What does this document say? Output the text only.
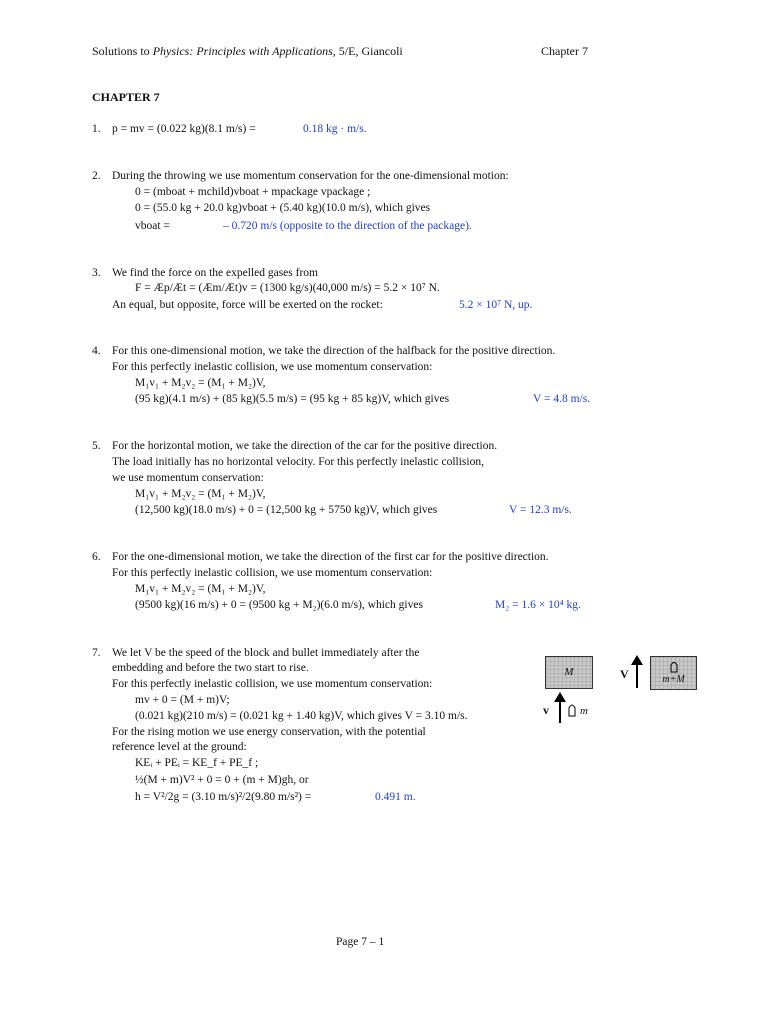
Solutions to Physics: Principles with Applications, 5/E, Giancoli	Chapter 7
CHAPTER 7
1. p = mv = (0.022 kg)(8.1 m/s) =	0.18 kg · m/s.
2. During the throwing we use momentum conservation for the one-dimensional motion:
0 = (mboat + mchild)vboat + mpackage vpackage ;
0 = (55.0 kg + 20.0 kg)vboat + (5.40 kg)(10.0 m/s), which gives
vboat =	– 0.720 m/s (opposite to the direction of the package).
3. We find the force on the expelled gases from
F = Æp/Æt = (Æm/Æt)v = (1300 kg/s)(40,000 m/s) = 5.2 × 10⁷ N.
An equal, but opposite, force will be exerted on the rocket:	5.2 × 10⁷ N, up.
4. For this one-dimensional motion, we take the direction of the halfback for the positive direction.
For this perfectly inelastic collision, we use momentum conservation:
M₁v₁ + M₂v₂ = (M₁ + M₂)V,
(95 kg)(4.1 m/s) + (85 kg)(5.5 m/s) = (95 kg + 85 kg)V, which gives	V = 4.8 m/s.
5. For the horizontal motion, we take the direction of the car for the positive direction.
The load initially has no horizontal velocity. For this perfectly inelastic collision,
we use momentum conservation:
M₁v₁ + M₂v₂ = (M₁ + M₂)V,
(12,500 kg)(18.0 m/s) + 0 = (12,500 kg + 5750 kg)V, which gives	V = 12.3 m/s.
6. For the one-dimensional motion, we take the direction of the first car for the positive direction.
For this perfectly inelastic collision, we use momentum conservation:
M₁v₁ + M₂v₂ = (M₁ + M₂)V,
(9500 kg)(16 m/s) + 0 = (9500 kg + M₂)(6.0 m/s), which gives	M₂ = 1.6 × 10⁴ kg.
7. We let V be the speed of the block and bullet immediately after the
embedding and before the two start to rise.
For this perfectly inelastic collision, we use momentum conservation:
mv + 0 = (M + m)V;
(0.021 kg)(210 m/s) = (0.021 kg + 1.40 kg)V, which gives V = 3.10 m/s.
For the rising motion we use energy conservation, with the potential
reference level at the ground:
KEᵢ + PEᵢ = KE_f + PE_f ;
½(M + m)V² + 0 = 0 + (m + M)gh, or
h = V²/2g = (3.10 m/s)²/2(9.80 m/s²) =	0.491 m.
M	V	m+M
v	m
Page 7 – 1
